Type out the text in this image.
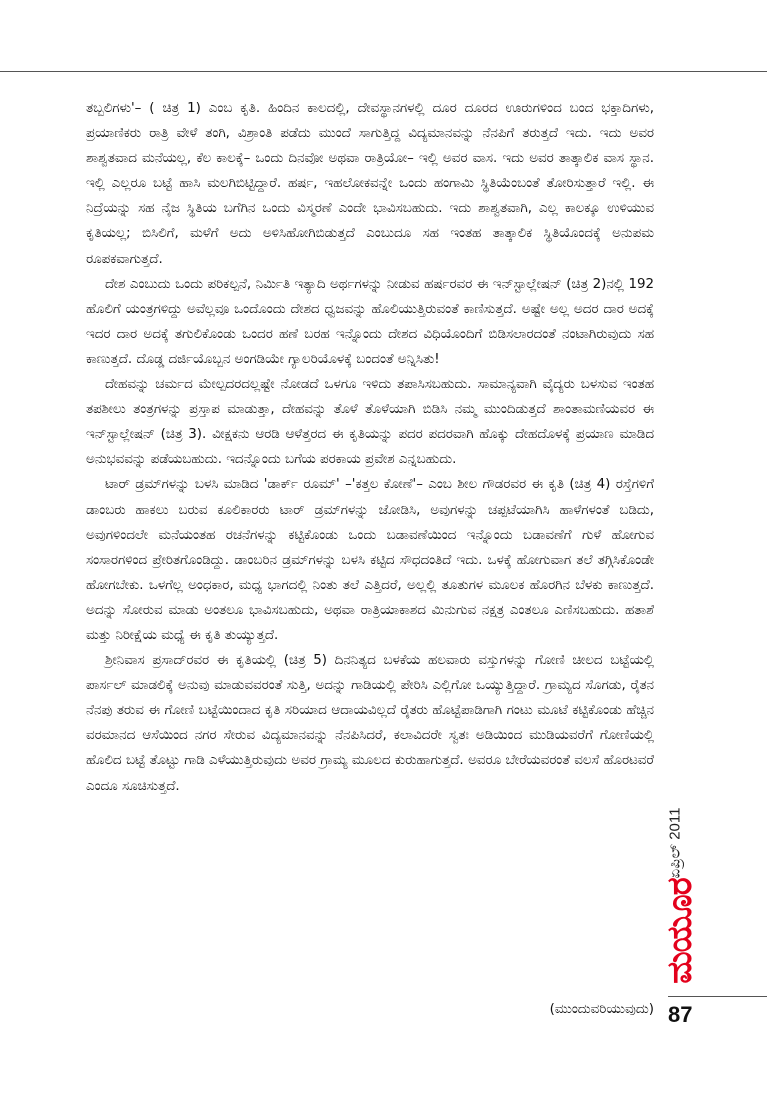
ತಬ್ಬಲಿಗಳು'– ( ಚಿತ್ರ 1) ಎಂಬ ಕೃತಿ. ಹಿಂದಿನ ಕಾಲದಲ್ಲಿ, ದೇವಸ್ಥಾನಗಳಲ್ಲಿ ದೂರ ದೂರದ ಊರುಗಳಿಂದ ಬಂದ ಭಕ್ತಾದಿಗಳು, ಪ್ರಯಾಣಿಕರು ರಾತ್ರಿ ವೇಳೆ ತಂಗಿ, ವಿಶ್ರಾಂತಿ ಪಡೆದು ಮುಂದೆ ಸಾಗುತ್ತಿದ್ದ ವಿದ್ಯಮಾನವನ್ನು ನೆನಪಿಗೆ ತರುತ್ತದೆ ಇದು. ಇದು ಅವರ ಶಾಶ್ವತವಾದ ಮನೆಯಲ್ಲ, ಕೆಲ ಕಾಲಕ್ಕೆ– ಒಂದು ದಿನವೋ ಅಥವಾ ರಾತ್ರಿಯೋ– ಇಲ್ಲಿ ಅವರ ವಾಸ. ಇದು ಅವರ ತಾತ್ಕಾಲಿಕ ವಾಸ ಸ್ಥಾನ. ಇಲ್ಲಿ ಎಲ್ಲರೂ ಬಟ್ಟೆ ಹಾಸಿ ಮಲಗಿಬಿಟ್ಟಿದ್ದಾರೆ. ಹರ್ಷ, ಇಹಲೋಕವನ್ನೇ ಒಂದು ಹಂಗಾಮಿ ಸ್ಥಿತಿಯೆಂಬಂತೆ ತೋರಿಸುತ್ತಾರೆ ಇಲ್ಲಿ. ಈ ನಿದ್ರೆಯನ್ನು ಸಹ ನೈಜ ಸ್ಥಿತಿಯ ಬಗೆಗಿನ ಒಂದು ವಿಸ್ಮರಣೆ ಎಂದೇ ಭಾವಿಸಬಹುದು. ಇದು ಶಾಶ್ವತವಾಗಿ, ಎಲ್ಲ ಕಾಲಕ್ಕೂ ಉಳಿಯುವ ಕೃತಿಯಲ್ಲ; ಬಿಸಿಲಿಗೆ, ಮಳೆಗೆ ಅದು ಅಳಿಸಿಹೋಗಿಬಿಡುತ್ತದೆ ಎಂಬುದೂ ಸಹ ಇಂತಹ ತಾತ್ಕಾಲಿಕ ಸ್ಥಿತಿಯೊಂದಕ್ಕೆ ಅನುಪಮ ರೂಪಕವಾಗುತ್ತದೆ.

ದೇಶ ಎಂಬುದು ಒಂದು ಪರಿಕಲ್ಪನೆ, ನಿರ್ಮಿತಿ ಇತ್ಯಾದಿ ಅರ್ಥಗಳನ್ನು ನೀಡುವ ಹರ್ಷರವರ ಈ ಇನ್‌ಸ್ಟಾಲ್ಲೇಷನ್ (ಚಿತ್ರ 2)ನಲ್ಲಿ 192 ಹೊಲಿಗೆ ಯಂತ್ರಗಳಿದ್ದು ಅವೆಲ್ಲವೂ ಒಂದೊಂದು ದೇಶದ ಧ್ವಜವನ್ನು ಹೊಲಿಯುತ್ತಿರುವಂತೆ ಕಾಣಿಸುತ್ತದೆ. ಅಷ್ಟೇ ಅಲ್ಲ ಅದರ ದಾರ ಅದಕ್ಕೆ ಇದರ ದಾರ ಅದಕ್ಕೆ ತಗುಲಿಕೊಂಡು ಒಂದರ ಹಣೆ ಬರಹ ಇನ್ನೊಂದು ದೇಶದ ವಿಧಿಯೊಂದಿಗೆ ಬಿಡಿಸಲಾರದಂತೆ ನಂಟಾಗಿರುವುದು ಸಹ ಕಾಣುತ್ತದೆ. ದೊಡ್ಡ ದರ್ಜಿಯೊಬ್ಬನ ಅಂಗಡಿಯೇ ಗ್ಯಾಲರಿಯೊಳಕ್ಕೆ ಬಂದಂತೆ ಅನ್ನಿಸಿತು!

ದೇಹವನ್ನು ಚರ್ಮದ ಮೇಲ್ಪದರದಲ್ಲಷ್ಟೇ ನೋಡದೆ ಒಳಗೂ ಇಳಿದು ತಪಾಸಿಸಬಹುದು. ಸಾಮಾನ್ಯವಾಗಿ ವೈದ್ಯರು ಬಳಸುವ ಇಂತಹ ತಪಶೀಲು ತಂತ್ರಗಳನ್ನು ಪ್ರಸ್ತಾಪ ಮಾಡುತ್ತಾ, ದೇಹವನ್ನು ತೊಳೆ ತೊಳೆಯಾಗಿ ಬಿಡಿಸಿ ನಮ್ಮ ಮುಂದಿಡುತ್ತದೆ ಶಾಂತಾಮಣಿಯವರ ಈ ಇನ್‌ಸ್ಟಾಲ್ಲೇಷನ್ (ಚಿತ್ರ 3). ವೀಕ್ಷಕನು ಆರಡಿ ಆಳೆತ್ತರದ ಈ ಕೃತಿಯನ್ನು ಪದರ ಪದರವಾಗಿ ಹೊಕ್ಕು ದೇಹದೊಳಕ್ಕೆ ಪ್ರಯಾಣ ಮಾಡಿದ ಅನುಭವವನ್ನು ಪಡೆಯಬಹುದು. ಇದನ್ನೊಂದು ಬಗೆಯ ಪರಕಾಯ ಪ್ರವೇಶ ಎನ್ನಬಹುದು.

ಟಾರ್ ಡ್ರಮ್‌ಗಳನ್ನು ಬಳಸಿ ಮಾಡಿದ 'ಡಾರ್ಕ್ ರೂಮ್' –'ಕತ್ತಲ ಕೋಣೆ'– ಎಂಬ ಶೀಲ ಗೌಡರವರ ಈ ಕೃತಿ (ಚಿತ್ರ 4) ರಸ್ತೆಗಳಿಗೆ ಡಾಂಬರು ಹಾಕಲು ಬರುವ ಕೂಲಿಕಾರರು ಟಾರ್ ಡ್ರಮ್‌ಗಳನ್ನು ಜೋಡಿಸಿ, ಅವುಗಳನ್ನು ಚಪ್ಪಟೆಯಾಗಿಸಿ ಹಾಳೆಗಳಂತೆ ಬಡಿದು, ಅವುಗಳಿಂದಲೇ ಮನೆಯಂತಹ ರಚನೆಗಳನ್ನು ಕಟ್ಟಿಕೊಂಡು ಒಂದು ಬಡಾವಣೆಯಿಂದ ಇನ್ನೊಂದು ಬಡಾವಣೆಗೆ ಗುಳೆ ಹೋಗುವ ಸಂಸಾರಗಳಿಂದ ಪ್ರೇರಿತಗೊಂಡಿದ್ದು. ಡಾಂಬರಿನ ಡ್ರಮ್‌ಗಳನ್ನು ಬಳಸಿ ಕಟ್ಟಿದ ಸೌಧದಂತಿದೆ ಇದು. ಒಳಕ್ಕೆ ಹೋಗುವಾಗ ತಲೆ ತಗ್ಗಿಸಿಕೊಂಡೇ ಹೋಗಬೇಕು. ಒಳಗೆಲ್ಲ ಅಂಧಕಾರ, ಮಧ್ಯ ಭಾಗದಲ್ಲಿ ನಿಂತು ತಲೆ ಎತ್ತಿದರೆ, ಅಲ್ಲಲ್ಲಿ ತೂತುಗಳ ಮೂಲಕ ಹೊರಗಿನ ಬೆಳಕು ಕಾಣುತ್ತದೆ. ಅದನ್ನು ಸೋರುವ ಮಾಡು ಅಂತಲೂ ಭಾವಿಸಬಹುದು, ಅಥವಾ ರಾತ್ರಿಯಾಕಾಶದ ಮಿನುಗುವ ನಕ್ಷತ್ರ ಎಂತಲೂ ಎಣಿಸಬಹುದು. ಹತಾಶೆ ಮತ್ತು ನಿರೀಕ್ಷೆಯ ಮಧ್ಯೆ ಈ ಕೃತಿ ತುಯ್ಯುತ್ತದೆ.

ಶ್ರೀನಿವಾಸ ಪ್ರಸಾದ್‌ರವರ ಈ ಕೃತಿಯಲ್ಲಿ (ಚಿತ್ರ 5) ದಿನನಿತ್ಯದ ಬಳಕೆಯ ಹಲವಾರು ವಸ್ತುಗಳನ್ನು ಗೋಣಿ ಚೀಲದ ಬಟ್ಟೆಯಲ್ಲಿ ಪಾರ್ಸಲ್ ಮಾಡಲಿಕ್ಕೆ ಅನುವು ಮಾಡುವವರಂತೆ ಸುತ್ತಿ, ಅದನ್ನು ಗಾಡಿಯಲ್ಲಿ ಪೇರಿಸಿ ಎಲ್ಲಿಗೋ ಒಯ್ಯುತ್ತಿದ್ದಾರೆ. ಗ್ರಾಮ್ಯದ ಸೊಗಡು, ರೈತನ ನೆನಪು ತರುವ ಈ ಗೋಣಿ ಬಟ್ಟೆಯಿಂದಾದ ಕೃತಿ ಸರಿಯಾದ ಆದಾಯವಿಲ್ಲದೆ ರೈತರು ಹೊಟ್ಟೆಪಾಡಿಗಾಗಿ ಗಂಟು ಮೂಟೆ ಕಟ್ಟಿಕೊಂಡು ಹೆಚ್ಚಿನ ವರಮಾನದ ಆಸೆಯಿಂದ ನಗರ ಸೇರುವ ವಿದ್ಯಮಾನವನ್ನು ನೆನಪಿಸಿದರೆ, ಕಲಾವಿದರೇ ಸ್ವತಃ ಅಡಿಯಿಂದ ಮುಡಿಯವರೆಗೆ ಗೋಣಿಯಲ್ಲಿ ಹೊಲಿದ ಬಟ್ಟೆ ತೊಟ್ಟು ಗಾಡಿ ಎಳೆಯುತ್ತಿರುವುದು ಅವರ ಗ್ರಾಮ್ಯ ಮೂಲದ ಕುರುಹಾಗುತ್ತದೆ. ಅವರೂ ಬೇರೆಯವರಂತೆ ವಲಸೆ ಹೊರಟವರೆ ಎಂದೂ ಸೂಚಿಸುತ್ತದೆ.

(ಮುಂದುವರಿಯುವುದು)
ಏಪ್ರಿಲ್ 2011
ಮಯೂರ
87
